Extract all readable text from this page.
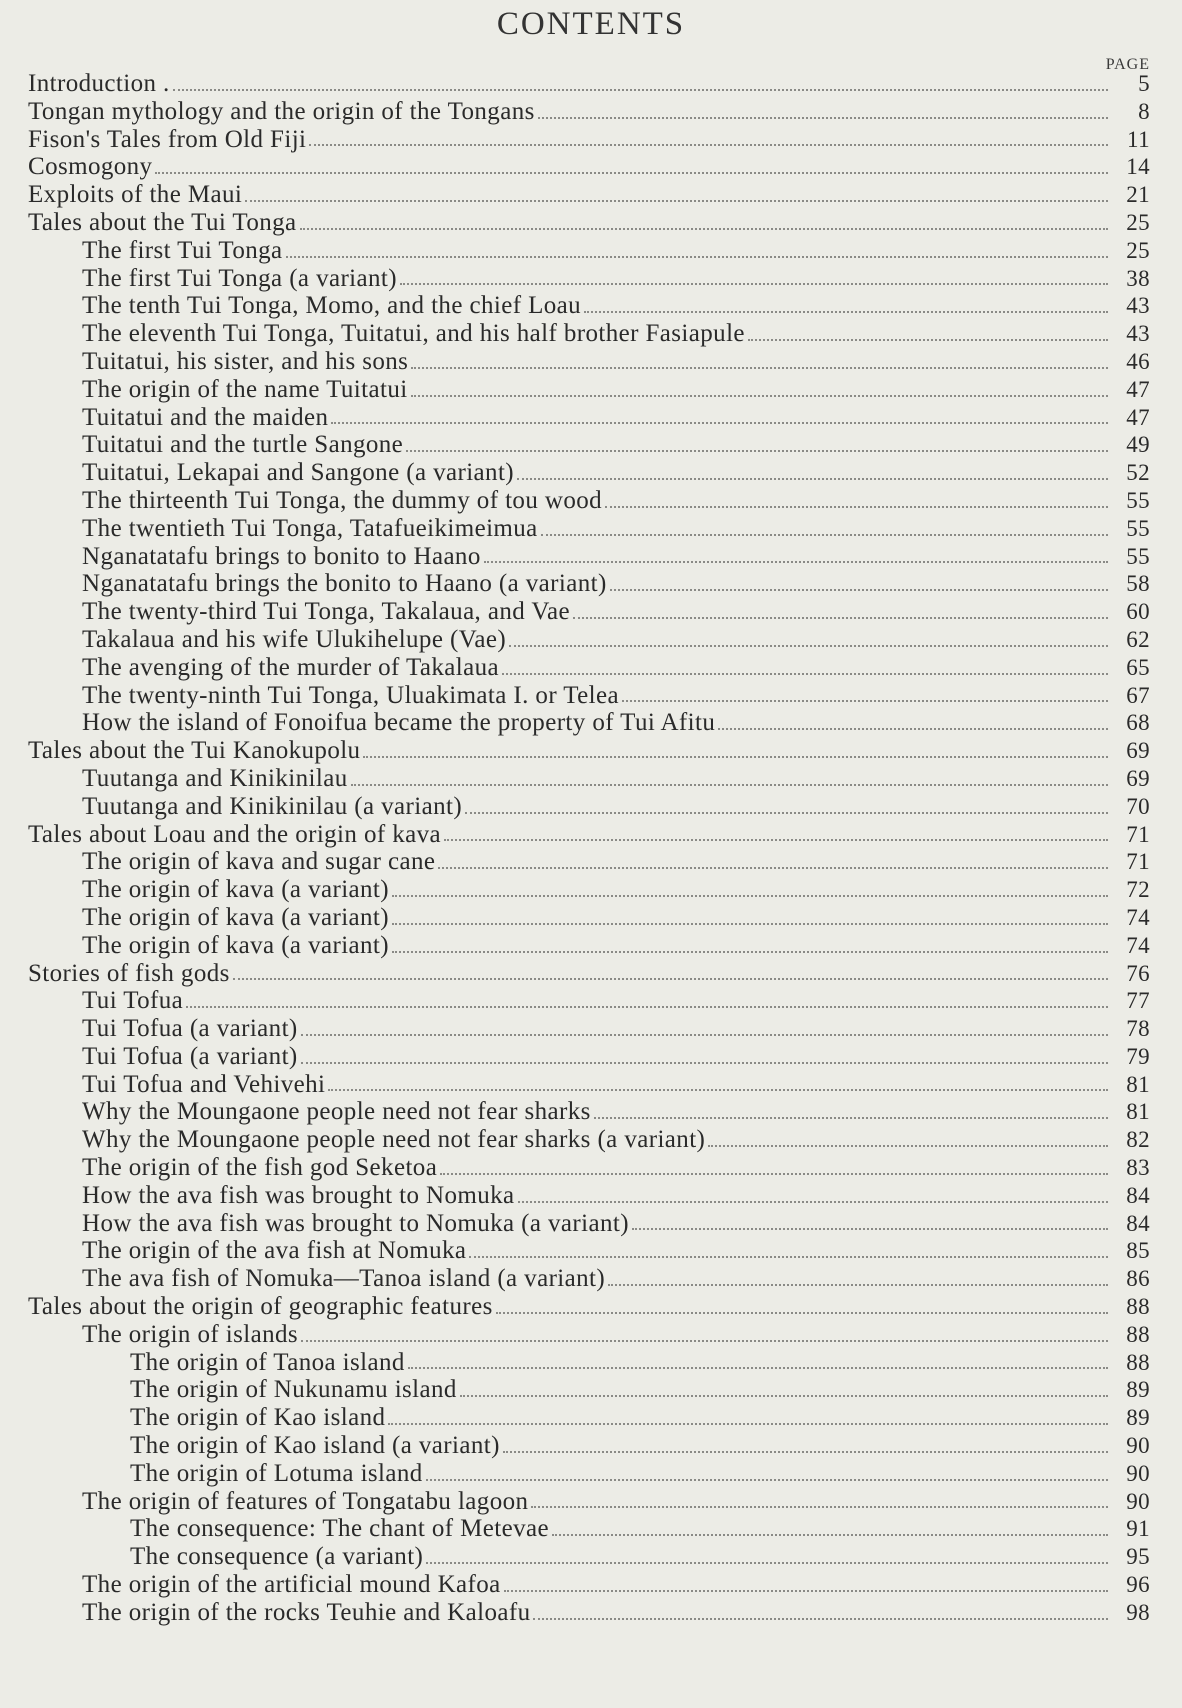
CONTENTS
PAGE
Introduction .	5
Tongan mythology and the origin of the Tongans	8
Fison's Tales from Old Fiji	11
Cosmogony	14
Exploits of the Maui	21
Tales about the Tui Tonga	25
The first Tui Tonga	25
The first Tui Tonga (a variant)	38
The tenth Tui Tonga, Momo, and the chief Loau	43
The eleventh Tui Tonga, Tuitatui, and his half brother Fasiapule	43
Tuitatui, his sister, and his sons	46
The origin of the name Tuitatui	47
Tuitatui and the maiden	47
Tuitatui and the turtle Sangone	49
Tuitatui, Lekapai and Sangone (a variant)	52
The thirteenth Tui Tonga, the dummy of tou wood	55
The twentieth Tui Tonga, Tatafueikimeimua	55
Nganatatafu brings to bonito to Haano	55
Nganatatafu brings the bonito to Haano (a variant)	58
The twenty-third Tui Tonga, Takalaua, and Vae	60
Takalaua and his wife Ulukihelupe (Vae)	62
The avenging of the murder of Takalaua	65
The twenty-ninth Tui Tonga, Uluakimata I. or Telea	67
How the island of Fonoifua became the property of Tui Afitu	68
Tales about the Tui Kanokupolu	69
Tuutanga and Kinikinilau	69
Tuutanga and Kinikinilau (a variant)	70
Tales about Loau and the origin of kava	71
The origin of kava and sugar cane	71
The origin of kava (a variant)	72
The origin of kava (a variant)	74
The origin of kava (a variant)	74
Stories of fish gods	76
Tui Tofua	77
Tui Tofua (a variant)	78
Tui Tofua (a variant)	79
Tui Tofua and Vehivehi	81
Why the Moungaone people need not fear sharks	81
Why the Moungaone people need not fear sharks (a variant)	82
The origin of the fish god Seketoa	83
How the ava fish was brought to Nomuka	84
How the ava fish was brought to Nomuka (a variant)	84
The origin of the ava fish at Nomuka	85
The ava fish of Nomuka—Tanoa island (a variant)	86
Tales about the origin of geographic features	88
The origin of islands	88
The origin of Tanoa island	88
The origin of Nukunamu island	89
The origin of Kao island	89
The origin of Kao island (a variant)	90
The origin of Lotuma island	90
The origin of features of Tongatabu lagoon	90
The consequence: The chant of Metevae	91
The consequence (a variant)	95
The origin of the artificial mound Kafoa	96
The origin of the rocks Teuhie and Kaloafu	98
